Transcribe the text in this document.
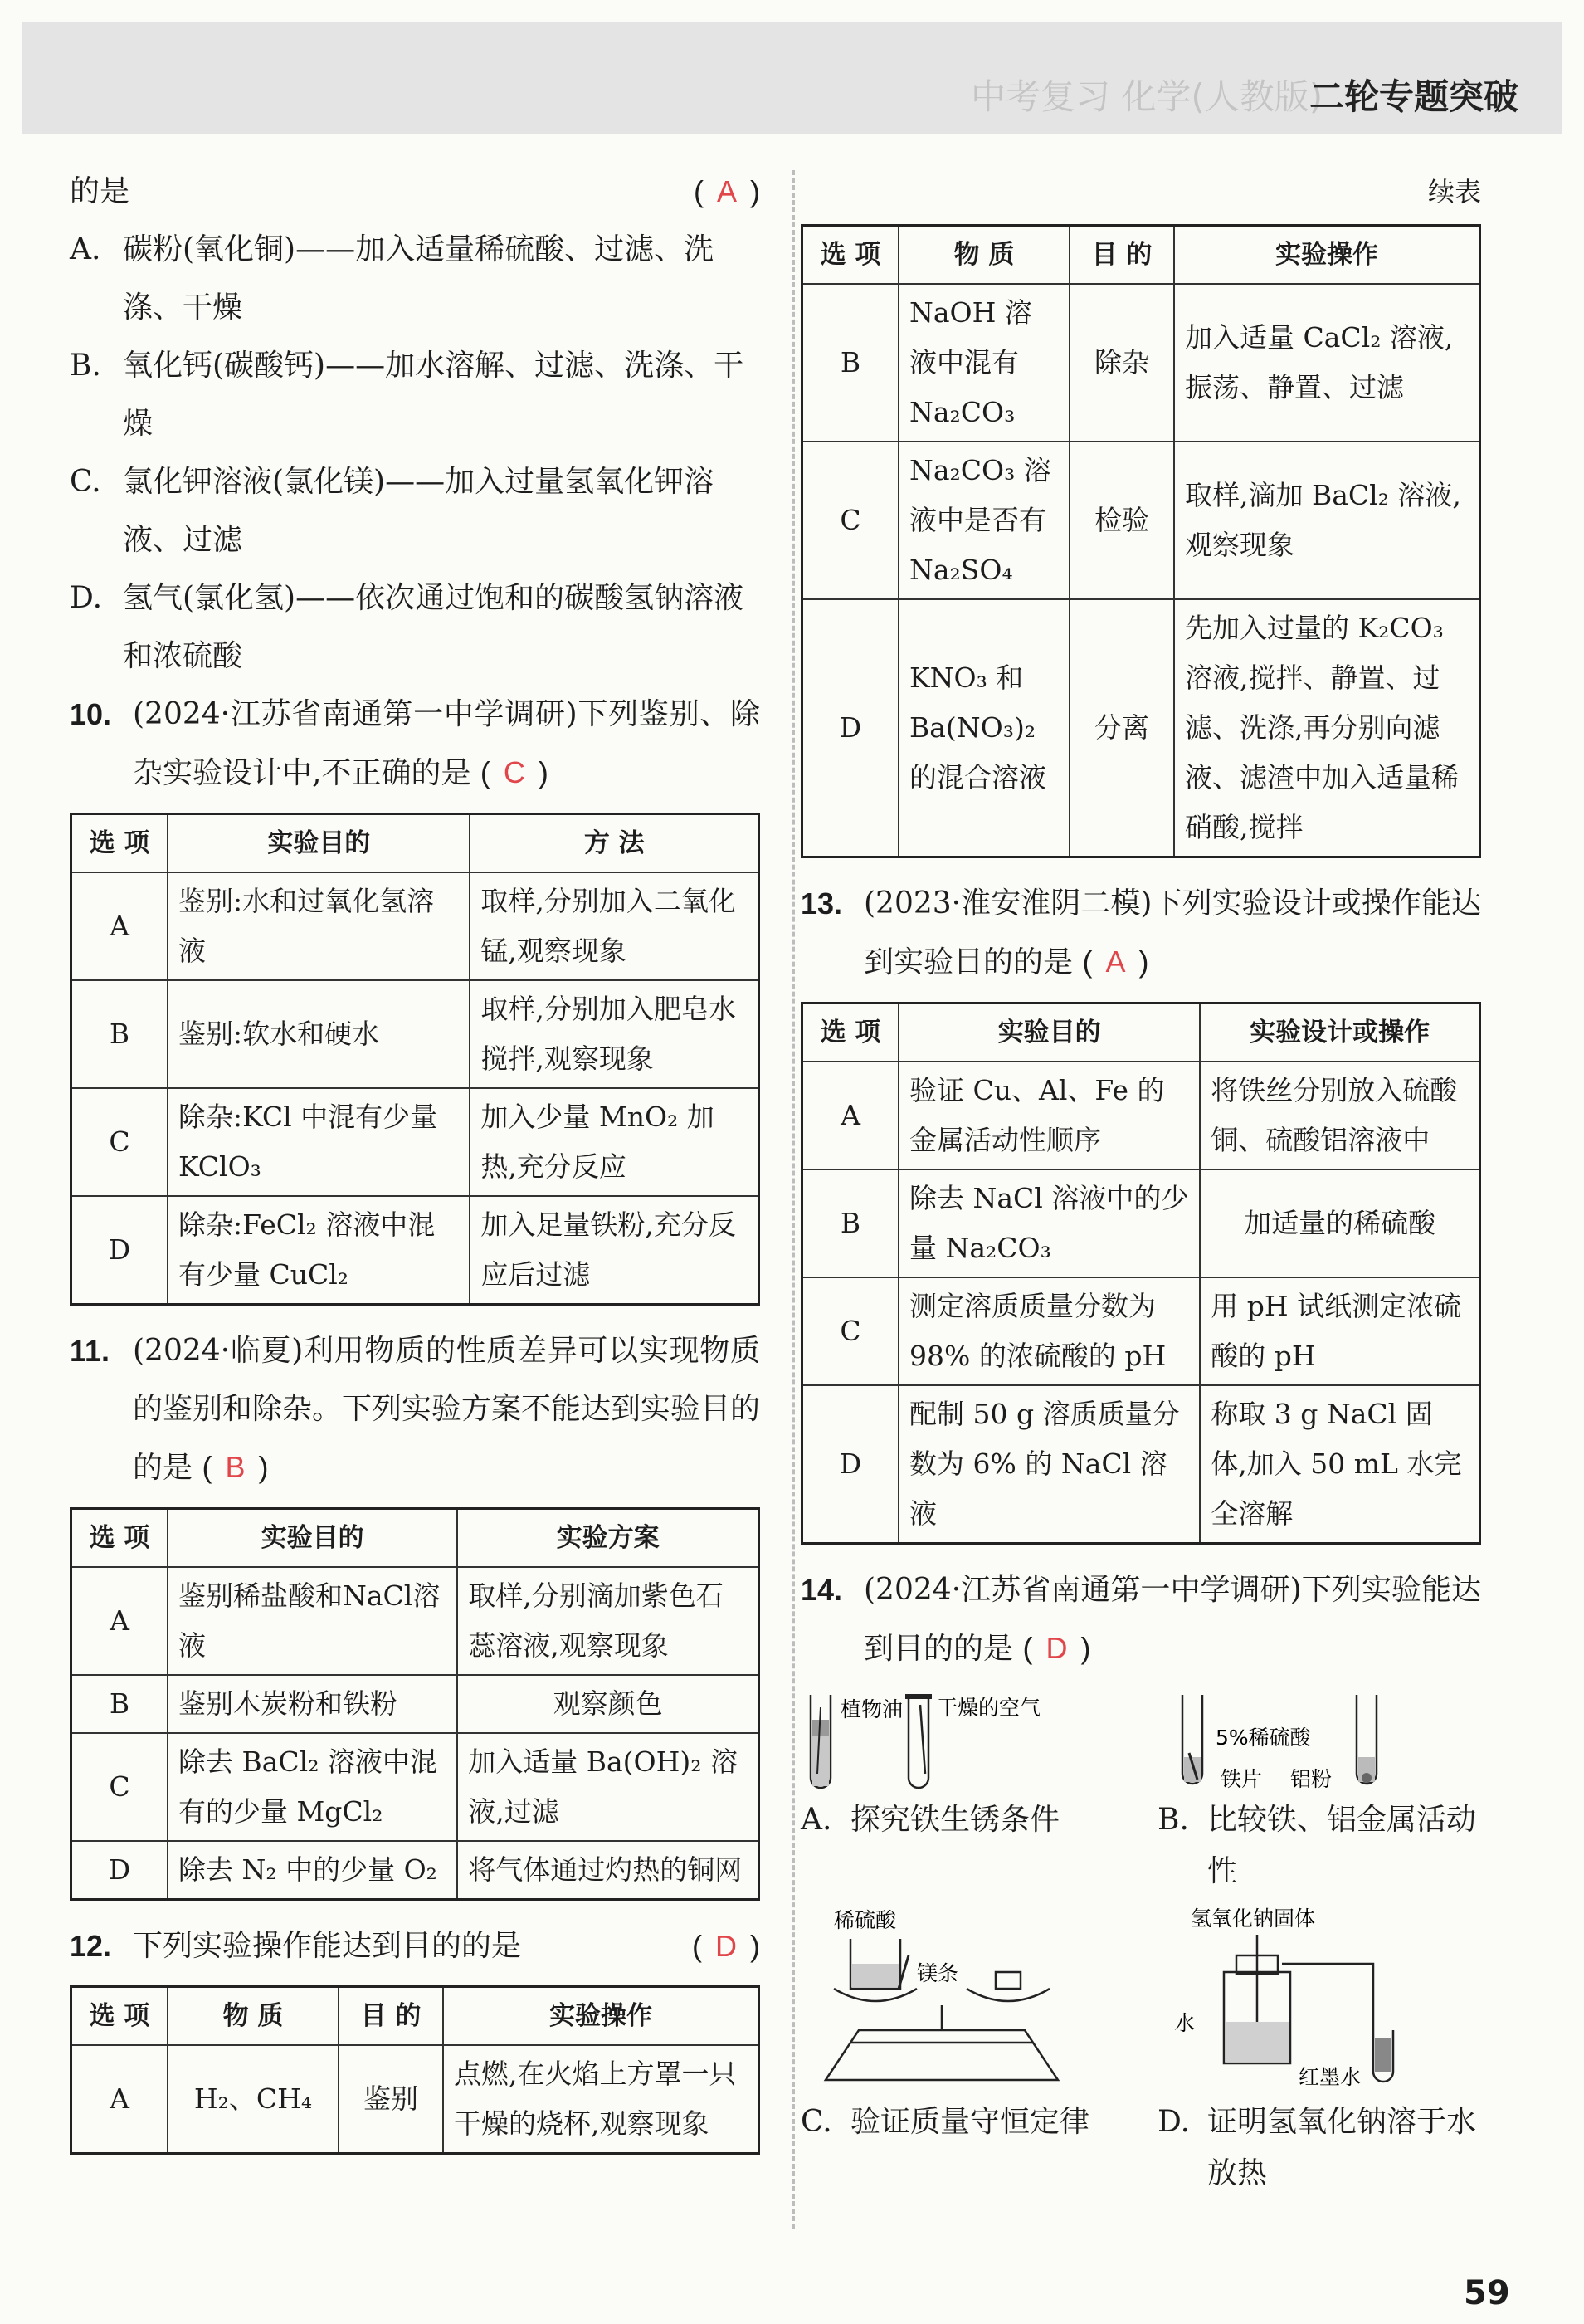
中考复习 化学(人教版)
二轮专题突破
的是	( A )
A. 碳粉(氧化铜)——加入适量稀硫酸、过滤、洗涤、干燥
B. 氧化钙(碳酸钙)——加水溶解、过滤、洗涤、干燥
C. 氯化钾溶液(氯化镁)——加入过量氢氧化钾溶液、过滤
D. 氢气(氯化氢)——依次通过饱和的碳酸氢钠溶液和浓硫酸
10. (2024·江苏省南通第一中学调研)下列鉴别、除杂实验设计中,不正确的是 ( C )
选 项	实验目的	方 法
A	鉴别:水和过氧化氢溶液	取样,分别加入二氧化锰,观察现象
B	鉴别:软水和硬水	取样,分别加入肥皂水搅拌,观察现象
C	除杂:KCl 中混有少量 KClO₃	加入少量 MnO₂ 加热,充分反应
D	除杂:FeCl₂ 溶液中混有少量 CuCl₂	加入足量铁粉,充分反应后过滤
11. (2024·临夏)利用物质的性质差异可以实现物质的鉴别和除杂。下列实验方案不能达到实验目的的是 ( B )
选 项	实验目的	实验方案
A	鉴别稀盐酸和NaCl溶液	取样,分别滴加紫色石蕊溶液,观察现象
B	鉴别木炭粉和铁粉	观察颜色
C	除去 BaCl₂ 溶液中混有的少量 MgCl₂	加入适量 Ba(OH)₂ 溶液,过滤
D	除去 N₂ 中的少量 O₂	将气体通过灼热的铜网
12. 下列实验操作能达到目的的是	( D )
选 项	物 质	目 的	实验操作
A	H₂、CH₄	鉴别	点燃,在火焰上方罩一只干燥的烧杯,观察现象
续表
选 项	物 质	目 的	实验操作
B	NaOH 溶液中混有 Na₂CO₃	除杂	加入适量 CaCl₂ 溶液,振荡、静置、过滤
C	Na₂CO₃ 溶液中是否有 Na₂SO₄	检验	取样,滴加 BaCl₂ 溶液,观察现象
D	KNO₃ 和 Ba(NO₃)₂ 的混合溶液	分离	先加入过量的 K₂CO₃ 溶液,搅拌、静置、过滤、洗涤,再分别向滤液、滤渣中加入适量稀硝酸,搅拌
13. (2023·淮安淮阴二模)下列实验设计或操作能达到实验目的的是 ( A )
选 项	实验目的	实验设计或操作
A	验证 Cu、Al、Fe 的金属活动性顺序	将铁丝分别放入硫酸铜、硫酸铝溶液中
B	除去 NaCl 溶液中的少量 Na₂CO₃	加适量的稀硫酸
C	测定溶质质量分数为 98% 的浓硫酸的 pH	用 pH 试纸测定浓硫酸的 pH
D	配制 50 g 溶质质量分数为 6% 的 NaCl 溶液	称取 3 g NaCl 固体,加入 50 mL 水完全溶解
14. (2024·江苏省南通第一中学调研)下列实验能达到目的的是 ( D )
植物油 干燥的空气
A. 探究铁生锈条件
5%稀硫酸
铁片 铝粉
B. 比较铁、铝金属活动性
稀硫酸
镁条
C. 验证质量守恒定律
氢氧化钠固体
水
红墨水
D. 证明氢氧化钠溶于水放热
59
